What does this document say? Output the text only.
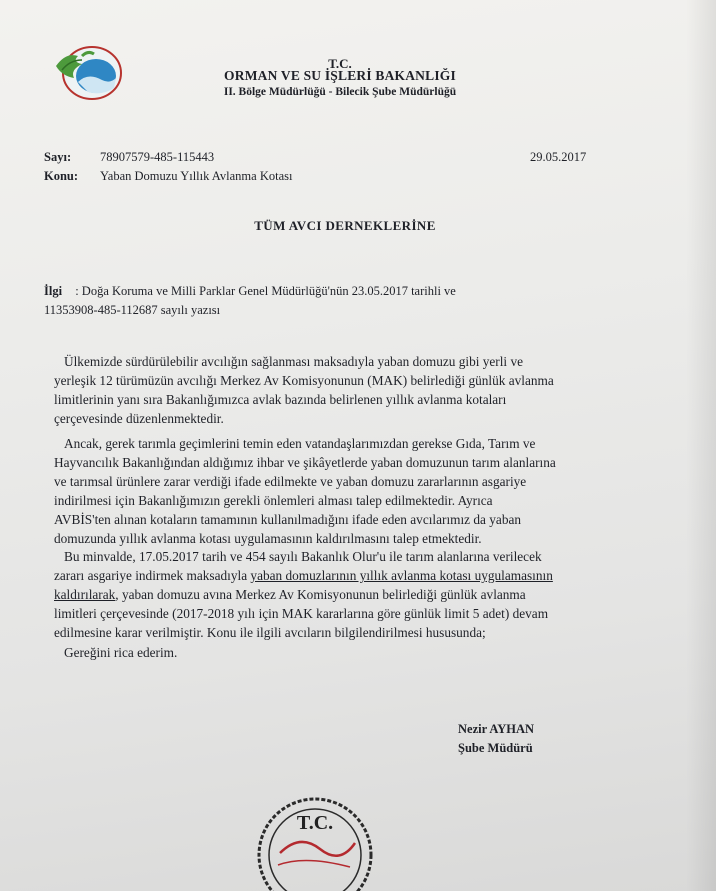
T.C.
ORMAN VE SU İŞLERİ BAKANLIĞI
II. Bölge Müdürlüğü - Bilecik Şube Müdürlüğü
Sayı: 78907579-485-115443	29.05.2017
Konu: Yaban Domuzu Yıllık Avlanma Kotası
TÜM AVCI DERNEKLERİNE
İlgi : Doğa Koruma ve Milli Parklar Genel Müdürlüğü'nün 23.05.2017 tarihli ve
11353908-485-112687 sayılı yazısı
Ülkemizde sürdürülebilir avcılığın sağlanması maksadıyla yaban domuzu gibi yerli ve
yerleşik 12 türümüzün avcılığı Merkez Av Komisyonunun (MAK) belirlediği günlük avlanma
limitlerinin yanı sıra Bakanlığımızca avlak bazında belirlenen yıllık avlanma kotaları
çerçevesinde düzenlenmektedir.
Ancak, gerek tarımla geçimlerini temin eden vatandaşlarımızdan gerekse Gıda, Tarım ve
Hayvancılık Bakanlığından aldığımız ihbar ve şikâyetlerde yaban domuzunun tarım alanlarına
ve tarımsal ürünlere zarar verdiği ifade edilmekte ve yaban domuzu zararlarının asgariye
indirilmesi için Bakanlığımızın gerekli önlemleri alması talep edilmektedir. Ayrıca
AVBİS'ten alınan kotaların tamamının kullanılmadığını ifade eden avcılarımız da yaban
domuzunda yıllık avlanma kotası uygulamasının kaldırılmasını talep etmektedir.
Bu minvalde, 17.05.2017 tarih ve 454 sayılı Bakanlık Olur'u ile tarım alanlarına verilecek
zararı asgariye indirmek maksadıyla yaban domuzlarının yıllık avlanma kotası uygulamasının
kaldırılarak, yaban domuzu avına Merkez Av Komisyonunun belirlediği günlük avlanma
limitleri çerçevesinde (2017-2018 yılı için MAK kararlarına göre günlük limit 5 adet) devam
edilmesine karar verilmiştir. Konu ile ilgili avcıların bilgilendirilmesi hususunda;
Gereğini rica ederim.
Nezir AYHAN
Şube Müdürü
T.C.
